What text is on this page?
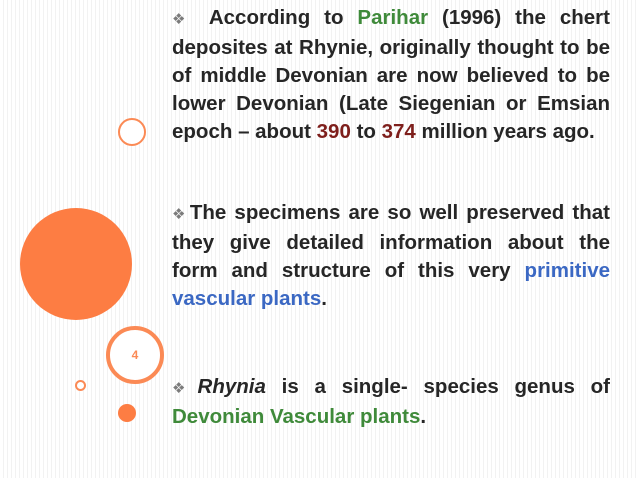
4
❖ According to Parihar (1996) the chert deposites at Rhynie, originally thought to be of middle Devonian are now believed to be lower Devonian (Late Siegenian or Emsian epoch – about 390 to 374 million years ago.
❖The specimens are so well preserved that they give detailed information about the form and structure of this very primitive vascular plants.
❖Rhynia is a single- species genus of Devonian Vascular plants.
